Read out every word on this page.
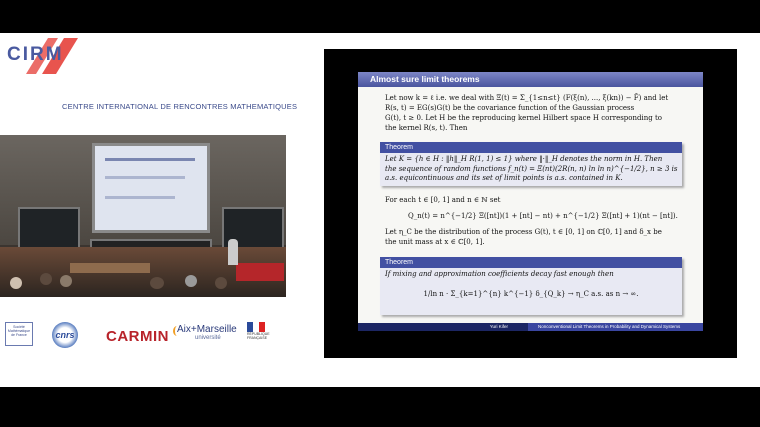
CIRM
CENTRE INTERNATIONAL DE RENCONTRES MATHEMATIQUES
Société Mathématique de France	cnrs CARMIN Aix+Marseille
université
RÉPUBLIQUE FRANÇAISE
Almost sure limit theorems
Let now k = ℓ i.e. we deal with Ξ(t) = Σ_{1≤n≤t} (F(ξ(n), ..., ξ(kn)) − F̄) and let
R(s, t) = EG(s)G(t) be the covariance function of the Gaussian process
G(t), t ≥ 0. Let H be the reproducing kernel Hilbert space H corresponding to
the kernel R(s, t). Then
Theorem
Let K = {h ∈ H : ‖h‖_H R(1, 1) ≤ 1} where ‖·‖_H denotes the norm in H. Then
the sequence of random functions f_n(t) = Ξ(nt)(2R(n, n) ln ln n)^{−1/2}, n ≥ 3 is
a.s. equicontinuous and its set of limit points is a.s. contained in K.
For each t ∈ [0, 1] and n ∈ ℕ set
Q_n(t) = n^{−1/2} Ξ([nt])(1 + [nt] − nt) + n^{−1/2} Ξ([nt] + 1)(nt − [nt]).
Let η_C be the distribution of the process G(t), t ∈ [0, 1] on ℂ[0, 1] and δ_x be
the unit mass at x ∈ ℂ[0, 1].
Theorem
If mixing and approximation coefficients decay fast enough then
1/ln n · Σ_{k=1}^{n} k^{−1} δ_{Q_k} → η_C a.s. as n → ∞.
Yuri Kifer	Nonconventional Limit Theorems in Probability and Dynamical Systems
